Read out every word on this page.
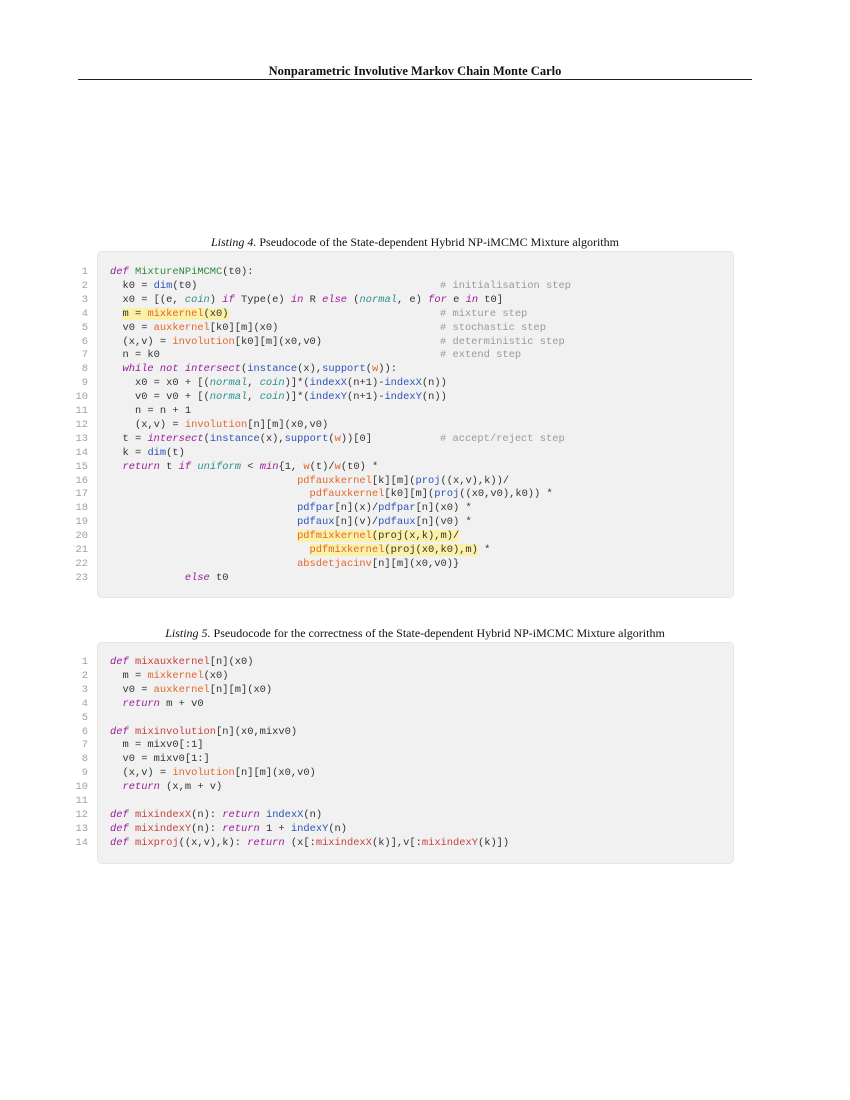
Nonparametric Involutive Markov Chain Monte Carlo
Listing 4. Pseudocode of the State-dependent Hybrid NP-iMCMC Mixture algorithm
1 def MixtureNPiMCMC(t0):
2	k0 = dim(t0)	# initialisation step
3	x0 = [(e, coin) if Type(e) in R else (normal, e) for e in t0]
4	m = mixkernel(x0)	# mixture step
5	v0 = auxkernel[k0][m](x0)	# stochastic step
6	(x,v) = involution[k0][m](x0,v0)	# deterministic step
7	n = k0	# extend step
8	while not intersect(instance(x),support(w)):
9	x0 = x0 + [(normal, coin)]*(indexX(n+1)-indexX(n))
10	v0 = v0 + [(normal, coin)]*(indexY(n+1)-indexY(n))
11	n = n + 1
12	(x,v) = involution[n][m](x0,v0)
13	t = intersect(instance(x),support(w))[0]	# accept/reject step
14	k = dim(t)
15	return t if uniform < min{1, w(t)/w(t0) *
16	pdfauxkernel[k][m](proj((x,v),k))/
17	pdfauxkernel[k0][m](proj((x0,v0),k0)) *
18	pdfpar[n](x)/pdfpar[n](x0) *
19	pdfaux[n](v)/pdfaux[n](v0) *
20	pdfmixkernel(proj(x,k),m)/
21	pdfmixkernel(proj(x0,k0),m) *
22	absdetjacinv[n][m](x0,v0)}
23	else t0
Listing 5. Pseudocode for the correctness of the State-dependent Hybrid NP-iMCMC Mixture algorithm
1 def mixauxkernel[n](x0)
2	m = mixkernel(x0)
3	v0 = auxkernel[n][m](x0)
4	return m + v0
5
6 def mixinvolution[n](x0,mixv0)
7	m = mixv0[:1]
8	v0 = mixv0[1:]
9	(x,v) = involution[n][m](x0,v0)
10	return (x,m + v)
11
12 def mixindexX(n): return indexX(n)
13 def mixindexY(n): return 1 + indexY(n)
14 def mixproj((x,v),k): return (x[:mixindexX(k)],v[:mixindexY(k)])
